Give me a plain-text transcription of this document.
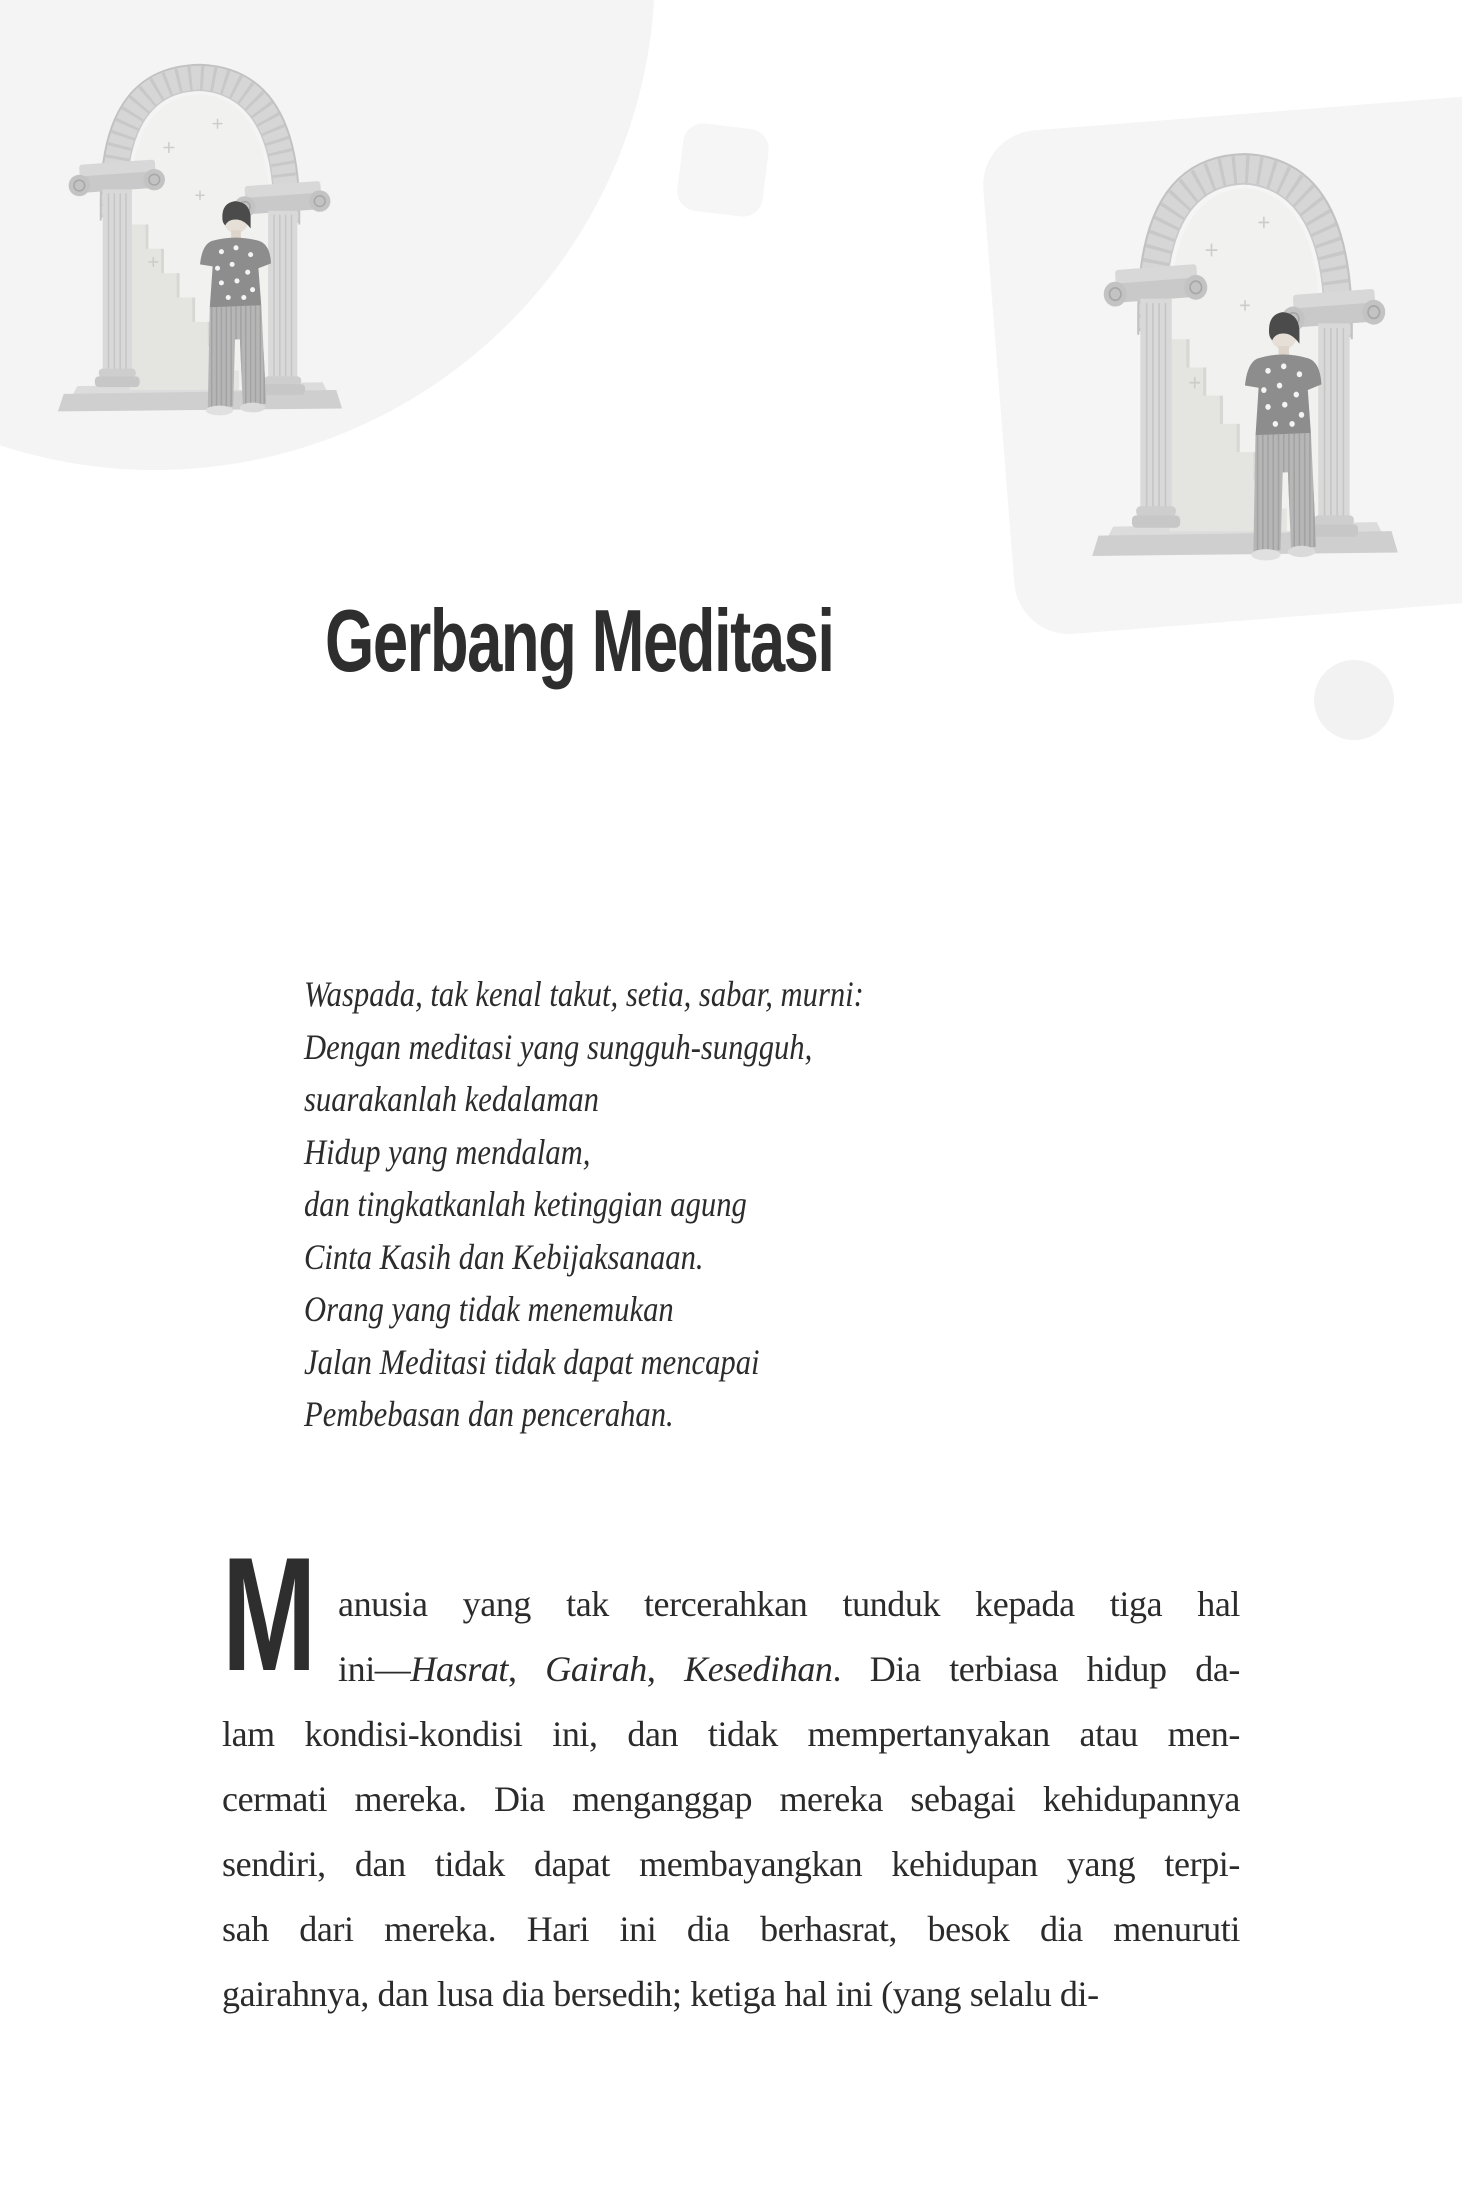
Gerbang Meditasi
Waspada, tak kenal takut, setia, sabar, murni:
Dengan meditasi yang sungguh-sungguh,
suarakanlah kedalaman
Hidup yang mendalam,
dan tingkatkanlah ketinggian agung
Cinta Kasih dan Kebijaksanaan.
Orang yang tidak menemukan
Jalan Meditasi tidak dapat mencapai
Pembebasan dan pencerahan.
M anusia yang tak tercerahkan tunduk kepada tiga hal
ini—Hasrat, Gairah, Kesedihan. Dia terbiasa hidup da-
lam kondisi-kondisi ini, dan tidak mempertanyakan atau men-
cermati mereka. Dia menganggap mereka sebagai kehidupannya
sendiri, dan tidak dapat membayangkan kehidupan yang terpi-
sah dari mereka. Hari ini dia berhasrat, besok dia menuruti
gairahnya, dan lusa dia bersedih; ketiga hal ini (yang selalu di-
